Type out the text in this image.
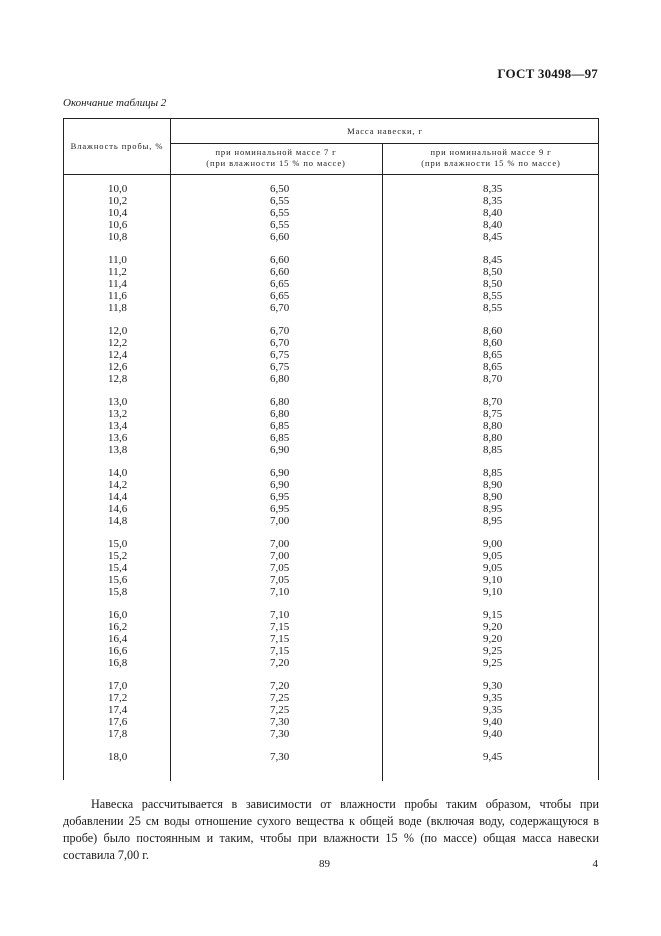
ГОСТ 30498—97
Окончание таблицы 2
Влажность пробы, %
Масса навески, г
при номинальной массе 7 г
(при влажности 15 % по массе)
при номинальной массе 9 г
(при влажности 15 % по массе)
10,0	6,50	8,35
10,2	6,55	8,35
10,4	6,55	8,40
10,6	6,55	8,40
10,8	6,60	8,45
11,0	6,60	8,45
11,2	6,60	8,50
11,4	6,65	8,50
11,6	6,65	8,55
11,8	6,70	8,55
12,0	6,70	8,60
12,2	6,70	8,60
12,4	6,75	8,65
12,6	6,75	8,65
12,8	6,80	8,70
13,0	6,80	8,70
13,2	6,80	8,75
13,4	6,85	8,80
13,6	6,85	8,80
13,8	6,90	8,85
14,0	6,90	8,85
14,2	6,90	8,90
14,4	6,95	8,90
14,6	6,95	8,95
14,8	7,00	8,95
15,0	7,00	9,00
15,2	7,00	9,05
15,4	7,05	9,05
15,6	7,05	9,10
15,8	7,10	9,10
16,0	7,10	9,15
16,2	7,15	9,20
16,4	7,15	9,20
16,6	7,15	9,25
16,8	7,20	9,25
17,0	7,20	9,30
17,2	7,25	9,35
17,4	7,25	9,35
17,6	7,30	9,40
17,8	7,30	9,40
18,0	7,30	9,45

Навеска рассчитывается в зависимости от влажности пробы таким образом, чтобы при добавлении 25 см воды отношение сухого вещества к общей воде (включая воду, содержащуюся в пробе) было постоянным и таким, чтобы при влажности 15 % (по массе) общая масса навески составила 7,00 г.

89	4
